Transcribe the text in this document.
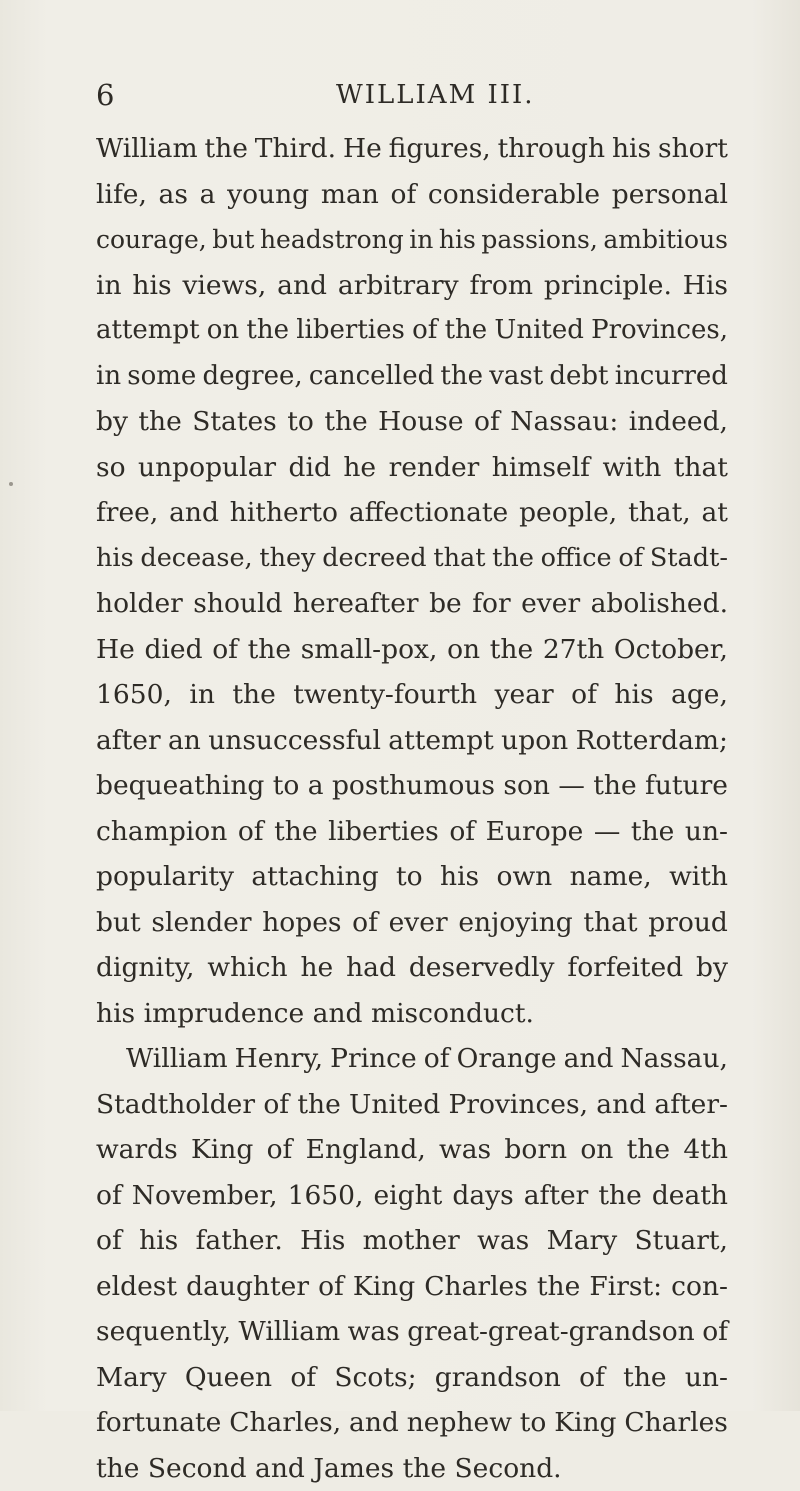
6	WILLIAM III.
William the Third. He figures, through his short
life, as a young man of considerable personal
courage, but headstrong in his passions, ambitious
in his views, and arbitrary from principle. His
attempt on the liberties of the United Provinces,
in some degree, cancelled the vast debt incurred
by the States to the House of Nassau: indeed,
so unpopular did he render himself with that
free, and hitherto affectionate people, that, at
his decease, they decreed that the office of Stadt-
holder should hereafter be for ever abolished.
He died of the small-pox, on the 27th October,
1650, in the twenty-fourth year of his age,
after an unsuccessful attempt upon Rotterdam;
bequeathing to a posthumous son — the future
champion of the liberties of Europe — the un-
popularity attaching to his own name, with
but slender hopes of ever enjoying that proud
dignity, which he had deservedly forfeited by
his imprudence and misconduct.
William Henry, Prince of Orange and Nassau,
Stadtholder of the United Provinces, and after-
wards King of England, was born on the 4th
of November, 1650, eight days after the death
of his father. His mother was Mary Stuart,
eldest daughter of King Charles the First: con-
sequently, William was great-great-grandson of
Mary Queen of Scots; grandson of the un-
fortunate Charles, and nephew to King Charles
the Second and James the Second.
